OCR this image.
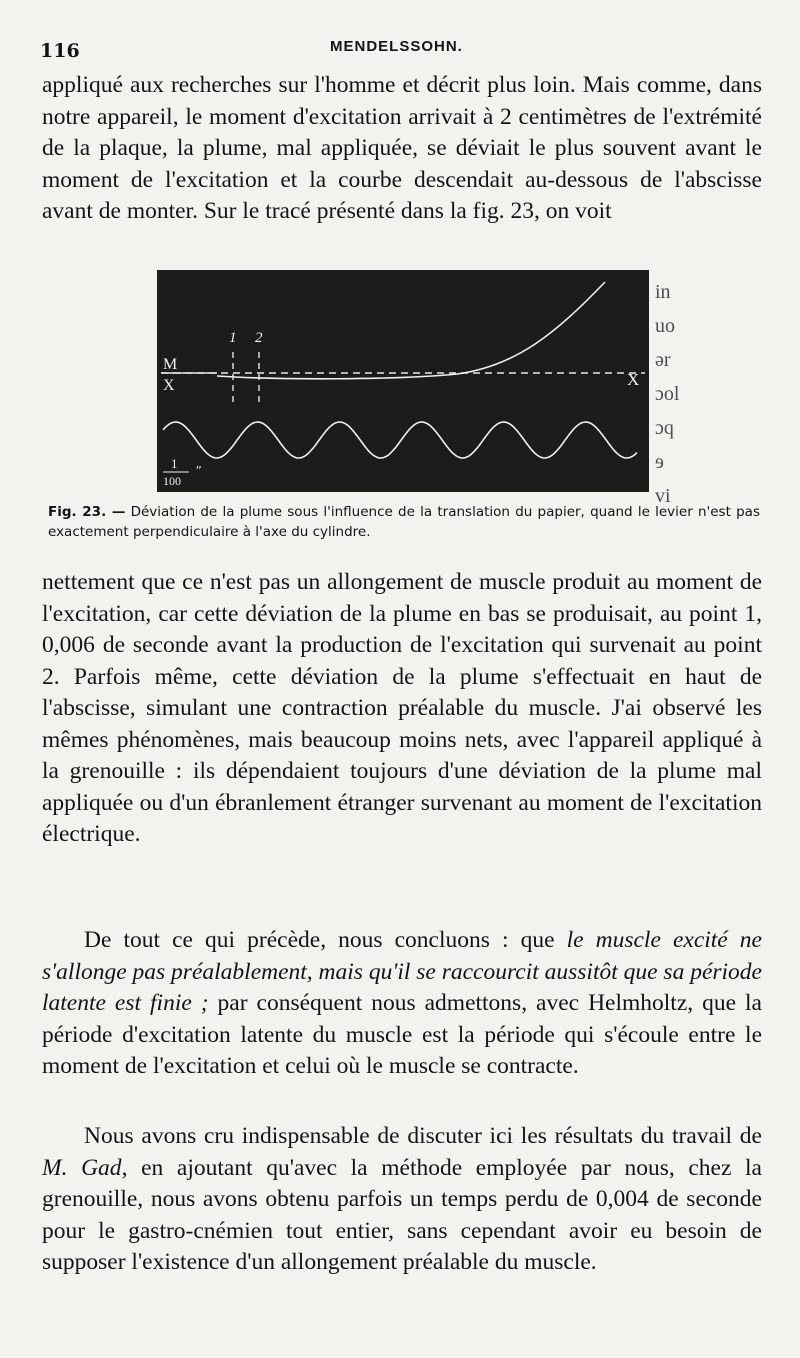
116	MENDELSSOHN.
appliqué aux recherches sur l'homme et décrit plus loin. Mais comme, dans notre appareil, le moment d'excitation arrivait à 2 centimètres de l'extrémité de la plaque, la plume, mal appliquée, se déviait le plus souvent avant le moment de l'excitation et la courbe descendait au-dessous de l'abscisse avant de monter. Sur le tracé présenté dans la fig. 23, on voit
M
X	X
1 2
1
100
″
in
uo
ər
ɔol
ɔq
ɘ
vi
Fig. 23. — Déviation de la plume sous l'influence de la translation du papier, quand le levier n'est pas exactement perpendiculaire à l'axe du cylindre.
nettement que ce n'est pas un allongement de muscle produit au moment de l'excitation, car cette déviation de la plume en bas se produisait, au point 1, 0,006 de seconde avant la production de l'excitation qui survenait au point 2. Parfois même, cette déviation de la plume s'effectuait en haut de l'abscisse, simulant une contraction préalable du muscle. J'ai observé les mêmes phénomènes, mais beaucoup moins nets, avec l'appareil appliqué à la grenouille : ils dépendaient toujours d'une déviation de la plume mal appliquée ou d'un ébranlement étranger survenant au moment de l'excitation électrique.
De tout ce qui précède, nous concluons : que le muscle excité ne s'allonge pas préalablement, mais qu'il se raccourcit aussitôt que sa période latente est finie ; par conséquent nous admettons, avec Helmholtz, que la période d'excitation latente du muscle est la période qui s'écoule entre le moment de l'excitation et celui où le muscle se contracte.
Nous avons cru indispensable de discuter ici les résultats du travail de M. Gad, en ajoutant qu'avec la méthode employée par nous, chez la grenouille, nous avons obtenu parfois un temps perdu de 0,004 de seconde pour le gastro-cnémien tout entier, sans cependant avoir eu besoin de supposer l'existence d'un allongement préalable du muscle.
